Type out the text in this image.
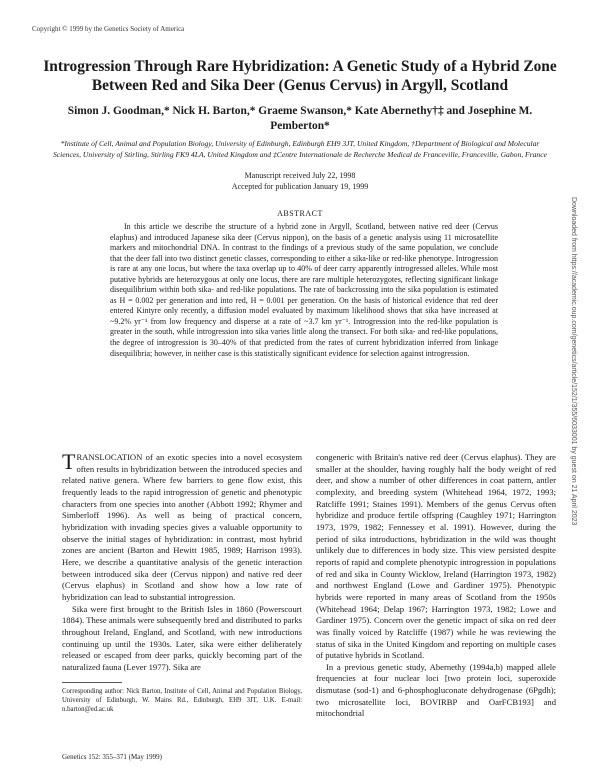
Copyright © 1999 by the Genetics Society of America
Introgression Through Rare Hybridization: A Genetic Study of a Hybrid Zone Between Red and Sika Deer (Genus Cervus) in Argyll, Scotland
Simon J. Goodman,* Nick H. Barton,* Graeme Swanson,* Kate Abernethy†‡ and Josephine M. Pemberton*
*Institute of Cell, Animal and Population Biology, University of Edinburgh, Edinburgh EH9 3JT, United Kingdom, †Department of Biological and Molecular Sciences, University of Stirling, Stirling FK9 4LA, United Kingdom and ‡Centre Internationale de Recherche Medical de Franceville, Franceville, Gabon, France
Manuscript received July 22, 1998
Accepted for publication January 19, 1999
ABSTRACT

In this article we describe the structure of a hybrid zone in Argyll, Scotland, between native red deer (Cervus elaphus) and introduced Japanese sika deer (Cervus nippon), on the basis of a genetic analysis using 11 microsatellite markers and mitochondrial DNA. In contrast to the findings of a previous study of the same population, we conclude that the deer fall into two distinct genetic classes, corresponding to either a sika-like or red-like phenotype. Introgression is rare at any one locus, but where the taxa overlap up to 40% of deer carry apparently introgressed alleles. While most putative hybrids are heterozygous at only one locus, there are rare multiple heterozygotes, reflecting significant linkage disequilibrium within both sika- and red-like populations. The rate of backcrossing into the sika population is estimated as H = 0.002 per generation and into red, H = 0.001 per generation. On the basis of historical evidence that red deer entered Kintyre only recently, a diffusion model evaluated by maximum likelihood shows that sika have increased at ~9.2% yr⁻¹ from low frequency and disperse at a rate of ~3.7 km yr⁻¹. Introgression into the red-like population is greater in the south, while introgression into sika varies little along the transect. For both sika- and red-like populations, the degree of introgression is 30–40% of that predicted from the rates of current hybridization inferred from linkage disequilibria; however, in neither case is this statistically significant evidence for selection against introgression.

TRANSLOCATION of an exotic species into a novel ecosystem often results in hybridization between the introduced species and related native genera. Where few barriers to gene flow exist, this frequently leads to the rapid introgression of genetic and phenotypic characters from one species into another (Abbott 1992; Rhymer and Simberloff 1996). As well as being of practical concern, hybridization with invading species gives a valuable opportunity to observe the initial stages of hybridization: in contrast, most hybrid zones are ancient (Barton and Hewitt 1985, 1989; Harrison 1993). Here, we describe a quantitative analysis of the genetic interaction between introduced sika deer (Cervus nippon) and native red deer (Cervus elaphus) in Scotland and show how a low rate of hybridization can lead to substantial introgression.

Sika were first brought to the British Isles in 1860 (Powerscourt 1884). These animals were subsequently bred and distributed to parks throughout Ireland, England, and Scotland, with new introductions continuing up until the 1930s. Later, sika were either deliberately released or escaped from deer parks, quickly becoming part of the naturalized fauna (Lever 1977). Sika are

congeneric with Britain's native red deer (Cervus elaphus). They are smaller at the shoulder, having roughly half the body weight of red deer, and show a number of other differences in coat pattern, antler complexity, and breeding system (Whitehead 1964, 1972, 1993; Ratcliffe 1991; Staines 1991). Members of the genus Cervus often hybridize and produce fertile offspring (Caughley 1971; Harrington 1973, 1979, 1982; Fennessey et al. 1991). However, during the period of sika introductions, hybridization in the wild was thought unlikely due to differences in body size. This view persisted despite reports of rapid and complete phenotypic introgression in populations of red and sika in County Wicklow, Ireland (Harrington 1973, 1982) and northwest England (Lowe and Gardiner 1975). Phenotypic hybrids were reported in many areas of Scotland from the 1950s (Whitehead 1964; Delap 1967; Harrington 1973, 1982; Lowe and Gardiner 1975). Concern over the genetic impact of sika on red deer was finally voiced by Ratcliffe (1987) while he was reviewing the status of sika in the United Kingdom and reporting on multiple cases of putative hybrids in Scotland.

In a previous genetic study, Abernethy (1994a,b) mapped allele frequencies at four nuclear loci [two protein loci, superoxide dismutase (sod-1) and 6-phosphogluconate dehydrogenase (6Pgdh); two microsatellite loci, BOVIRBP and OarFCB193] and mitochondrial

Corresponding author: Nick Barton, Institute of Cell, Animal and Population Biology, University of Edinburgh, W. Mains Rd., Edinburgh, EH9 3JT, U.K. E-mail: n.barton@ed.ac.uk
Genetics 152: 355–371 (May 1999)
Downloaded from https://academic.oup.com/genetics/article/152/1/355/6033001 by guest on 21 April 2023
